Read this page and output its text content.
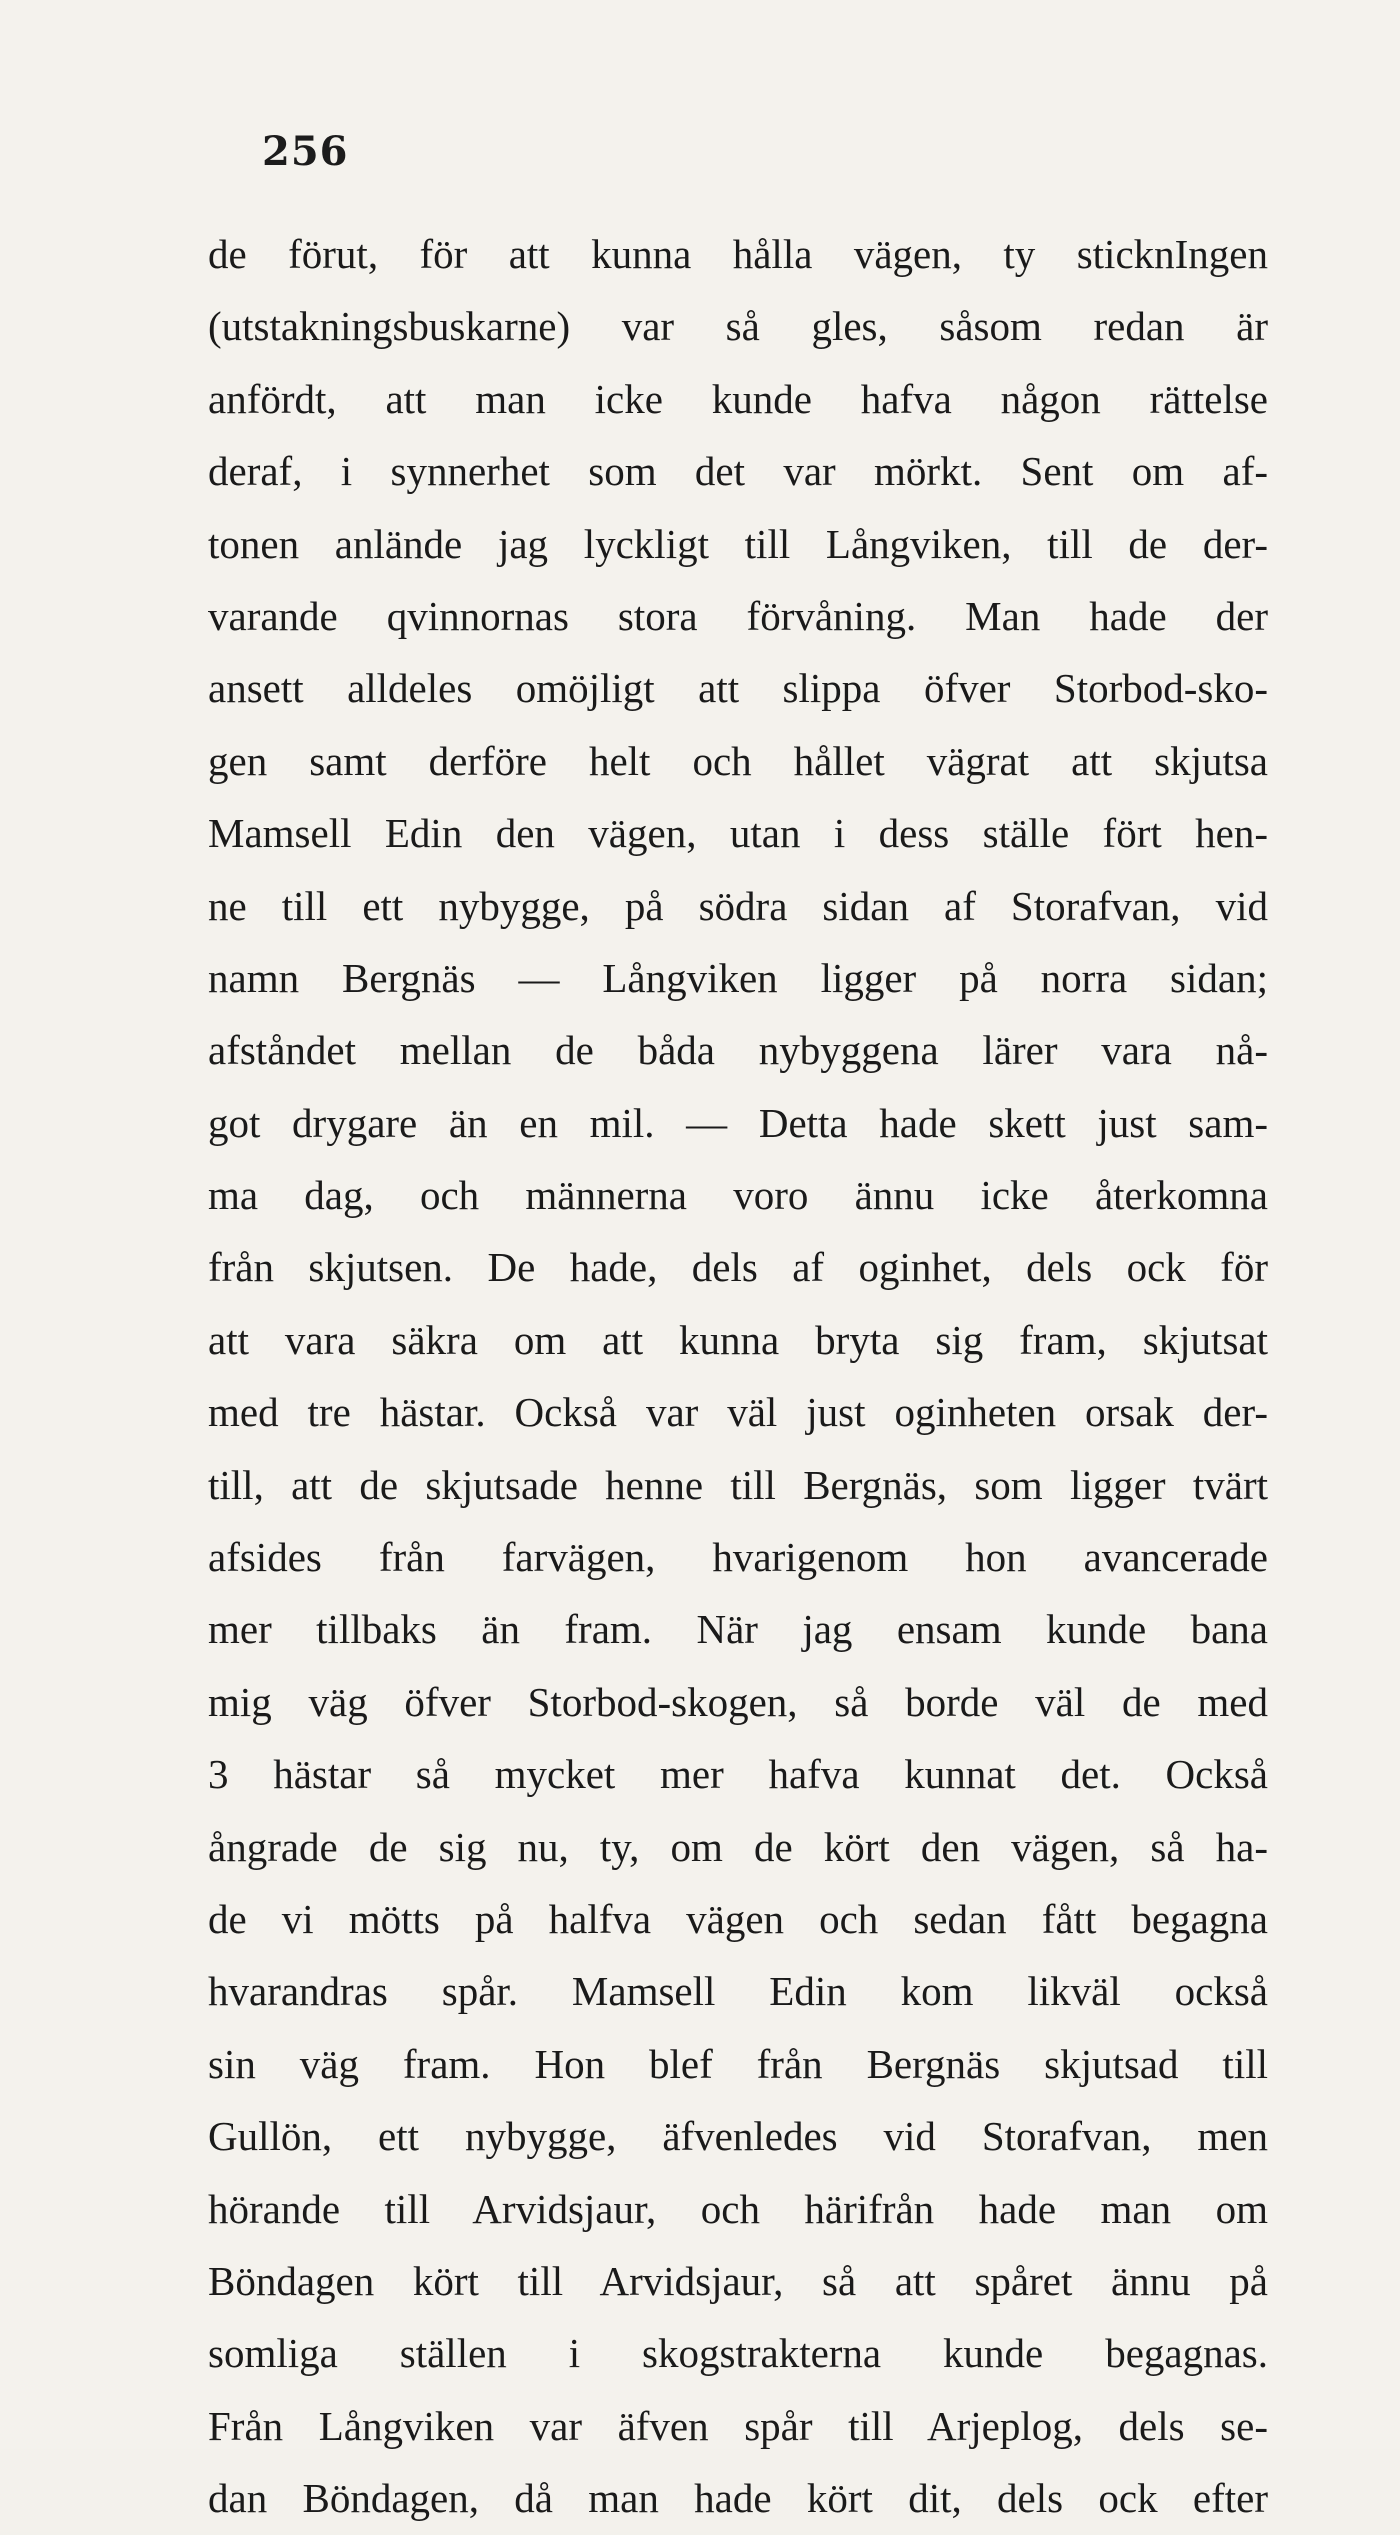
256
de förut, för att kunna hålla vägen, ty sticknIngen
(utstakningsbuskarne) var så gles, såsom redan är
anfördt, att man icke kunde hafva någon rättelse
deraf, i synnerhet som det var mörkt. Sent om af-
tonen anlände jag lyckligt till Långviken, till de der-
varande qvinnornas stora förvåning. Man hade der
ansett alldeles omöjligt att slippa öfver Storbod-sko-
gen samt derföre helt och hållet vägrat att skjutsa
Mamsell Edin den vägen, utan i dess ställe fört hen-
ne till ett nybygge, på södra sidan af Storafvan, vid
namn Bergnäs — Långviken ligger på norra sidan;
afståndet mellan de båda nybyggena lärer vara nå-
got drygare än en mil. — Detta hade skett just sam-
ma dag, och männerna voro ännu icke återkomna
från skjutsen. De hade, dels af oginhet, dels ock för
att vara säkra om att kunna bryta sig fram, skjutsat
med tre hästar. Också var väl just oginheten orsak der-
till, att de skjutsade henne till Bergnäs, som ligger tvärt
afsides från farvägen, hvarigenom hon avancerade
mer tillbaks än fram. När jag ensam kunde bana
mig väg öfver Storbod-skogen, så borde väl de med
3 hästar så mycket mer hafva kunnat det. Också
ångrade de sig nu, ty, om de kört den vägen, så ha-
de vi mötts på halfva vägen och sedan fått begagna
hvarandras spår. Mamsell Edin kom likväl också
sin väg fram. Hon blef från Bergnäs skjutsad till
Gullön, ett nybygge, äfvenledes vid Storafvan, men
hörande till Arvidsjaur, och härifrån hade man om
Böndagen kört till Arvidsjaur, så att spåret ännu på
somliga ställen i skogstrakterna kunde begagnas.
Från Långviken var äfven spår till Arjeplog, dels se-
dan Böndagen, då man hade kört dit, dels ock efter
